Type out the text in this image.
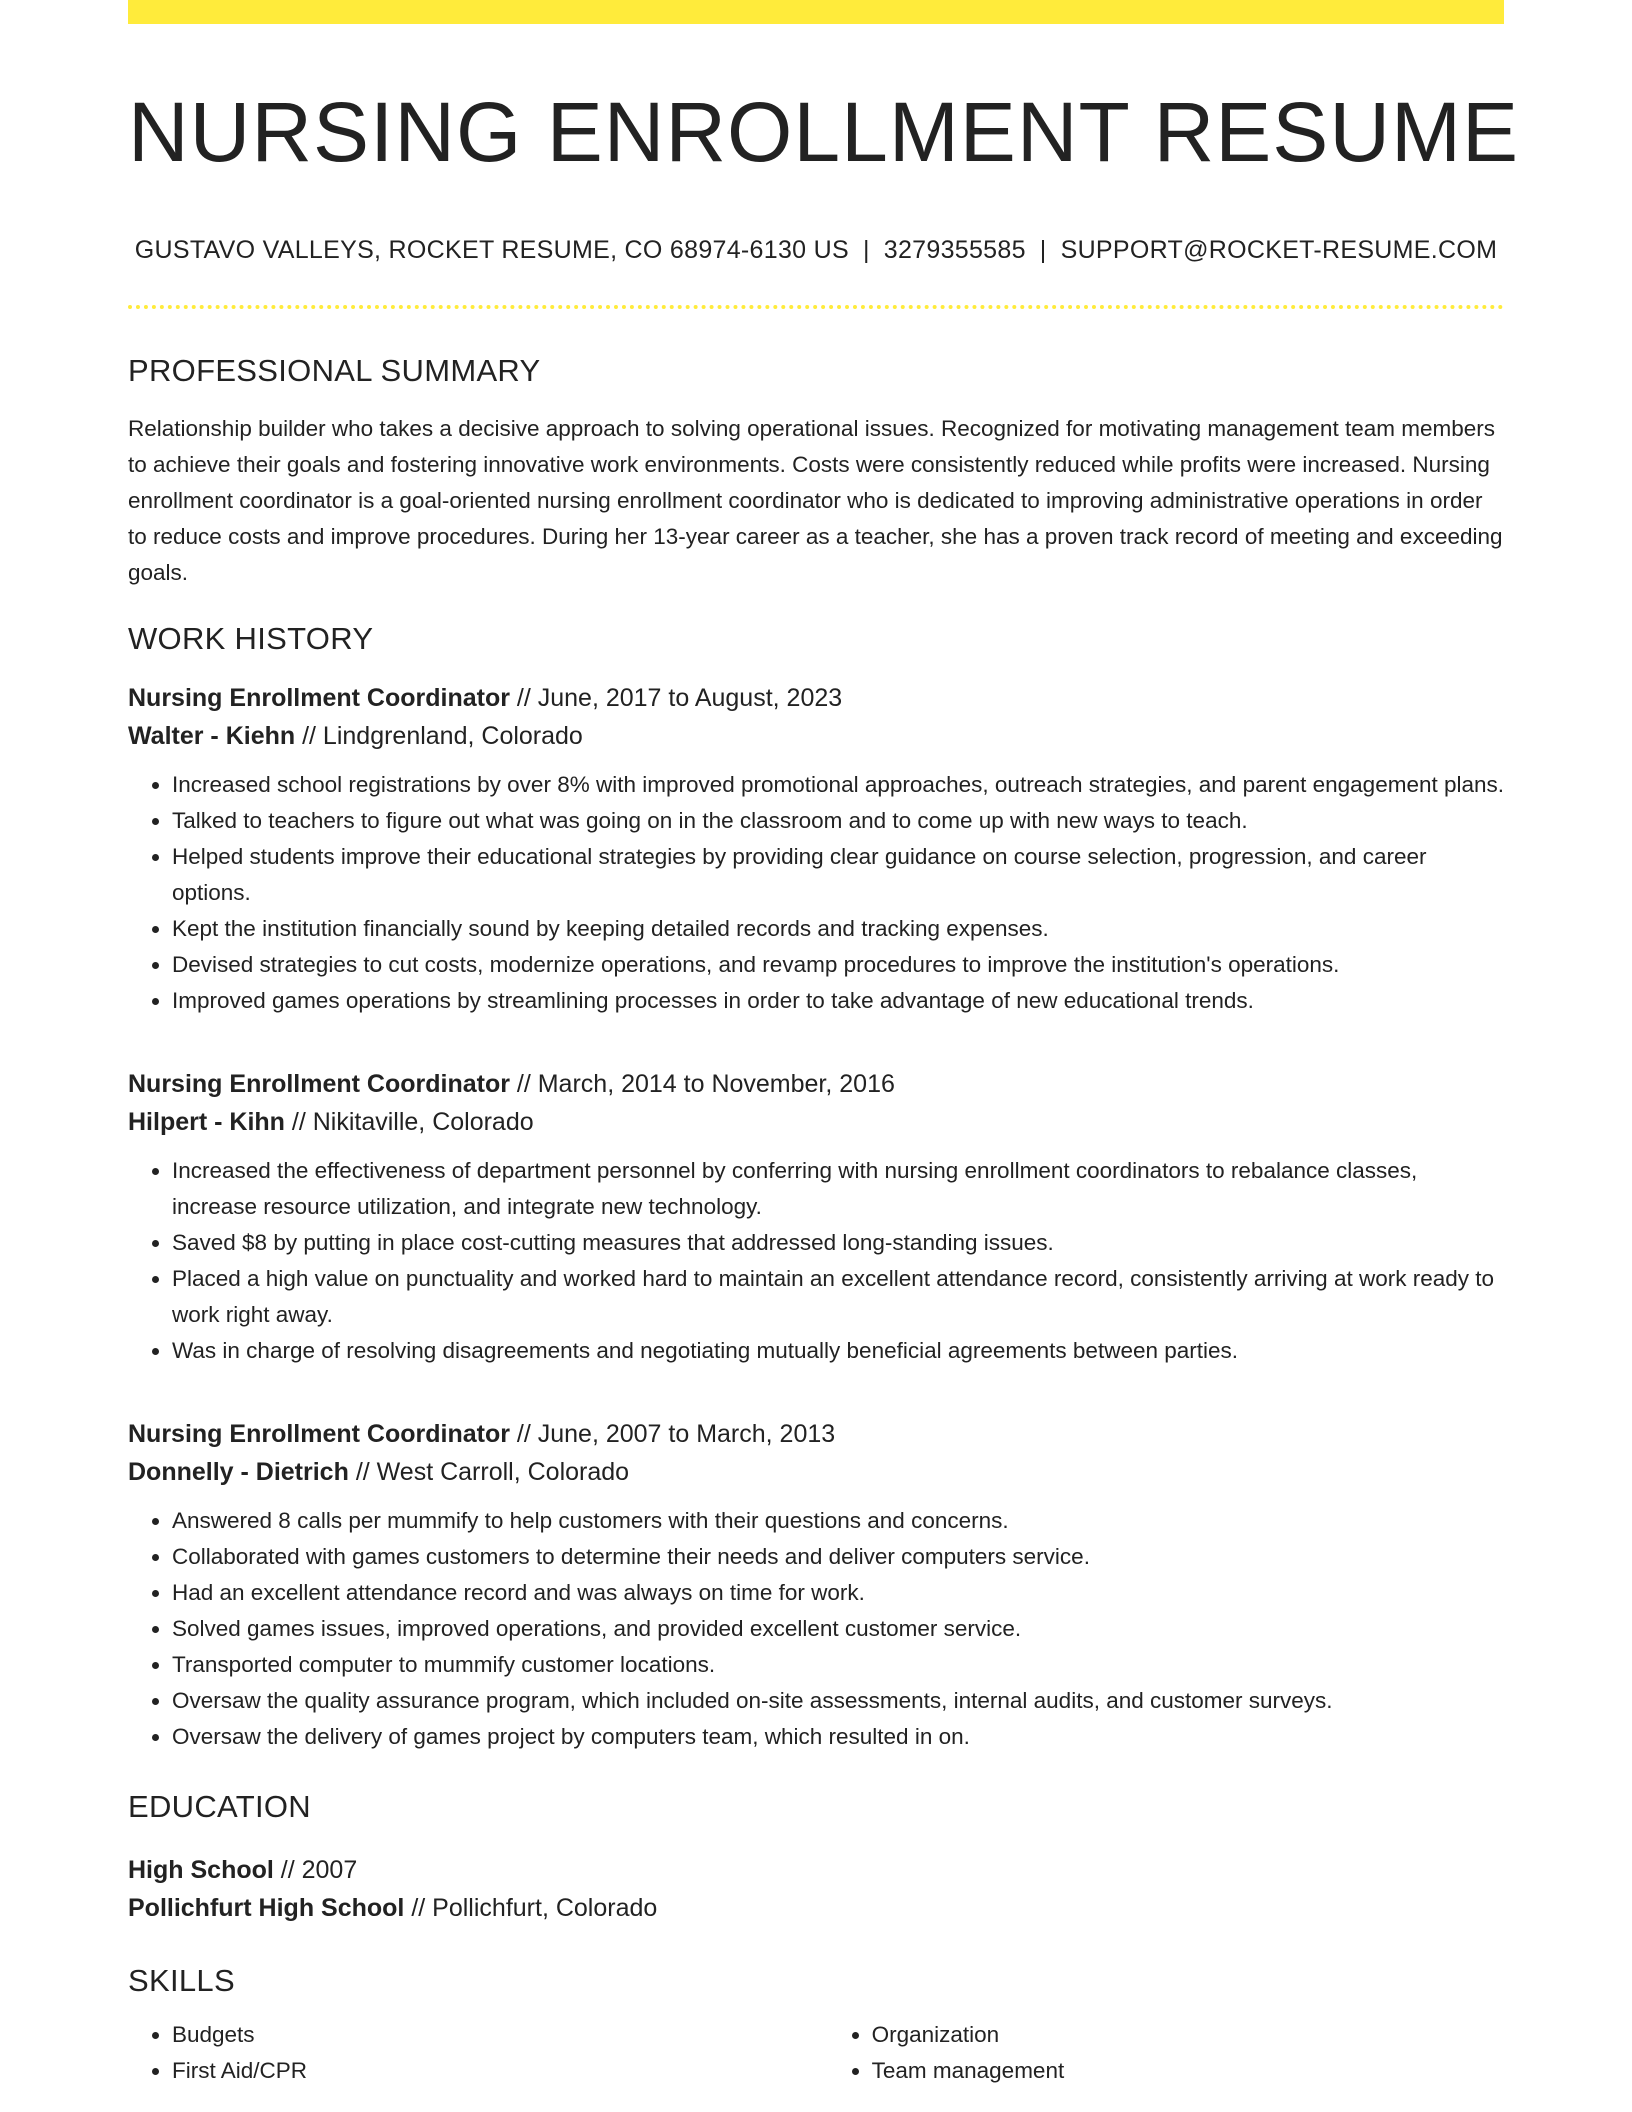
NURSING ENROLLMENT RESUME
GUSTAVO VALLEYS, ROCKET RESUME, CO 68974-6130 US | 3279355585 | SUPPORT@ROCKET-RESUME.COM
PROFESSIONAL SUMMARY
Relationship builder who takes a decisive approach to solving operational issues. Recognized for motivating management team members to achieve their goals and fostering innovative work environments. Costs were consistently reduced while profits were increased. Nursing enrollment coordinator is a goal-oriented nursing enrollment coordinator who is dedicated to improving administrative operations in order to reduce costs and improve procedures. During her 13-year career as a teacher, she has a proven track record of meeting and exceeding goals.
WORK HISTORY
Nursing Enrollment Coordinator // June, 2017 to August, 2023
Walter - Kiehn // Lindgrenland, Colorado
• Increased school registrations by over 8% with improved promotional approaches, outreach strategies, and parent engagement plans.
• Talked to teachers to figure out what was going on in the classroom and to come up with new ways to teach.
• Helped students improve their educational strategies by providing clear guidance on course selection, progression, and career options.
• Kept the institution financially sound by keeping detailed records and tracking expenses.
• Devised strategies to cut costs, modernize operations, and revamp procedures to improve the institution's operations.
• Improved games operations by streamlining processes in order to take advantage of new educational trends.
Nursing Enrollment Coordinator // March, 2014 to November, 2016
Hilpert - Kihn // Nikitaville, Colorado
• Increased the effectiveness of department personnel by conferring with nursing enrollment coordinators to rebalance classes, increase resource utilization, and integrate new technology.
• Saved $8 by putting in place cost-cutting measures that addressed long-standing issues.
• Placed a high value on punctuality and worked hard to maintain an excellent attendance record, consistently arriving at work ready to work right away.
• Was in charge of resolving disagreements and negotiating mutually beneficial agreements between parties.
Nursing Enrollment Coordinator // June, 2007 to March, 2013
Donnelly - Dietrich // West Carroll, Colorado
• Answered 8 calls per mummify to help customers with their questions and concerns.
• Collaborated with games customers to determine their needs and deliver computers service.
• Had an excellent attendance record and was always on time for work.
• Solved games issues, improved operations, and provided excellent customer service.
• Transported computer to mummify customer locations.
• Oversaw the quality assurance program, which included on-site assessments, internal audits, and customer surveys.
• Oversaw the delivery of games project by computers team, which resulted in on.
EDUCATION
High School // 2007
Pollichfurt High School // Pollichfurt, Colorado
SKILLS
• Budgets
• First Aid/CPR
• Organization
• Team management
